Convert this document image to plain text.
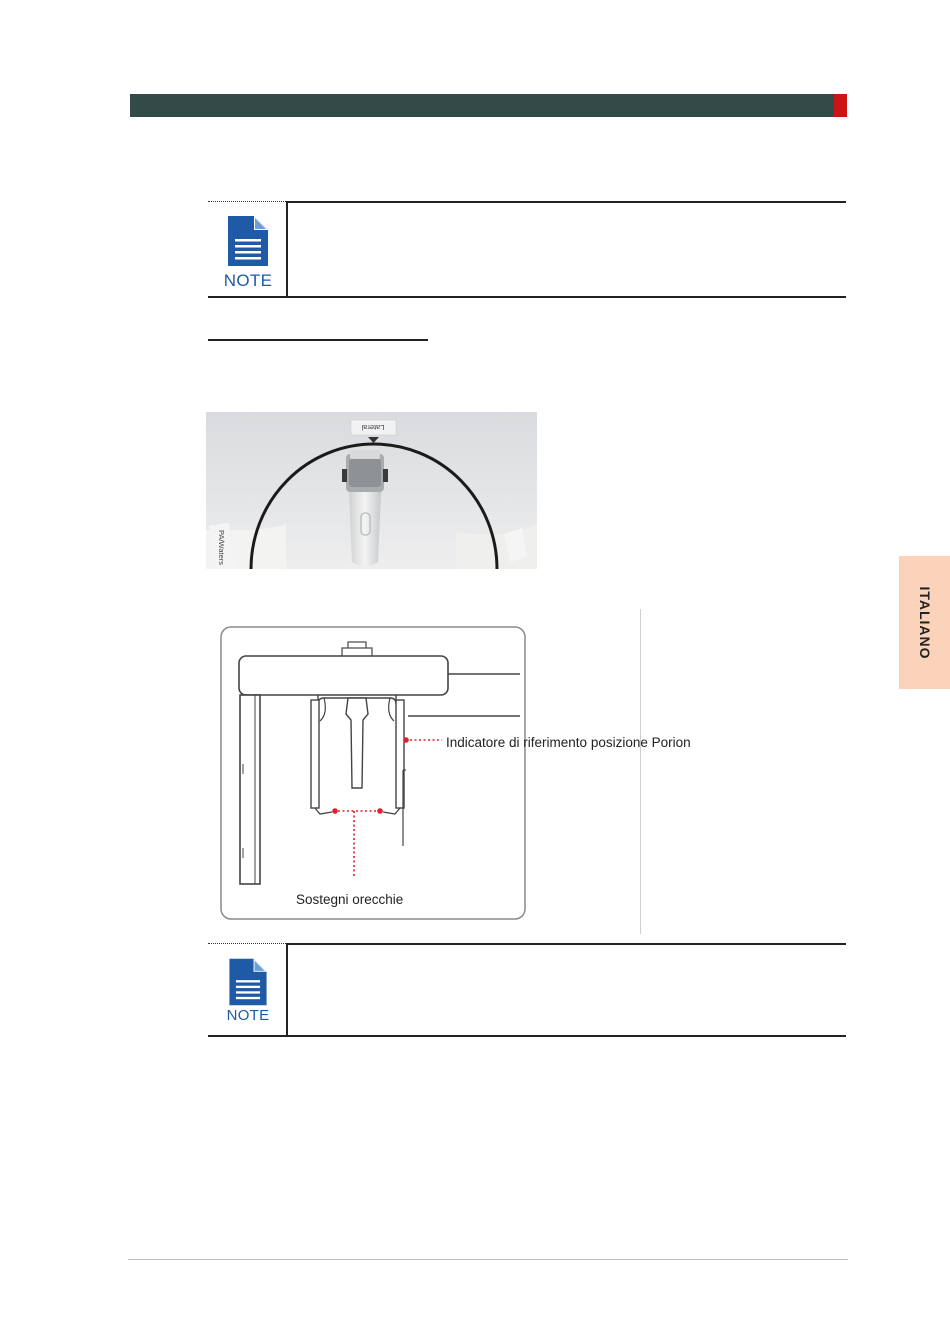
NOTE
Lateral
PA/Waters
Indicatore di riferimento posizione Porion
Sostegni orecchie
NOTE
ITALIANO
